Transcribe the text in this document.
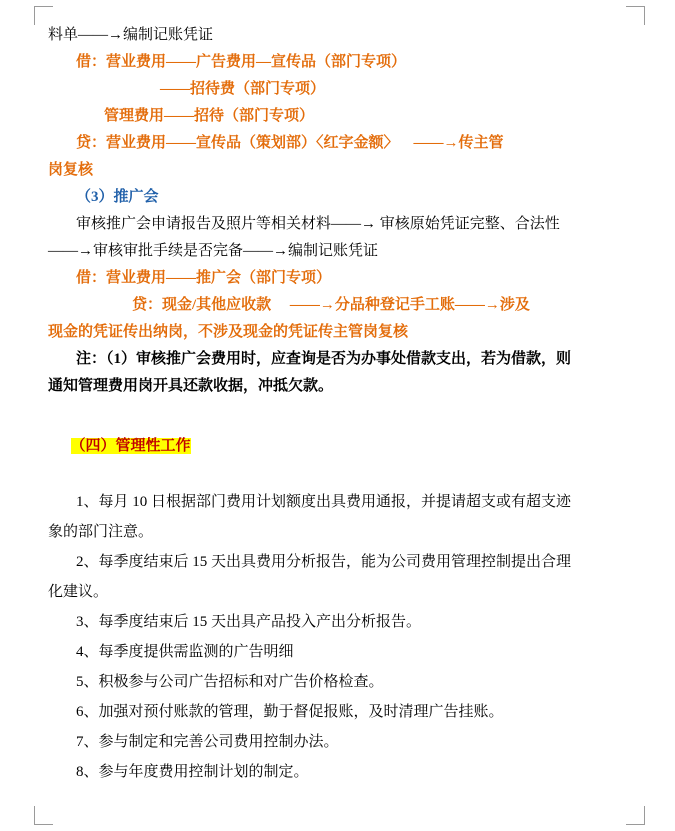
料单——→编制记账凭证
借：营业费用——广告费用—宣传品（部门专项）
——招待费（部门专项）
管理费用——招待（部门专项）
贷：营业费用——宣传品（策划部）〈红字金额〉    ——→传主管
岗复核
（3）推广会
审核推广会申请报告及照片等相关材料——→ 审核原始凭证完整、合法性
——→审核审批手续是否完备——→编制记账凭证
借：营业费用——推广会（部门专项）
贷：现金/其他应收款     ——→分品种登记手工账——→涉及
现金的凭证传出纳岗，不涉及现金的凭证传主管岗复核
注：（1）审核推广会费用时，应查询是否为办事处借款支出，若为借款，则
通知管理费用岗开具还款收据，冲抵欠款。

（四）管理性工作

1、每月 10 日根据部门费用计划额度出具费用通报，并提请超支或有超支迹
象的部门注意。
2、每季度结束后 15 天出具费用分析报告，能为公司费用管理控制提出合理
化建议。
3、每季度结束后 15 天出具产品投入产出分析报告。
4、每季度提供需监测的广告明细
5、积极参与公司广告招标和对广告价格检查。
6、加强对预付账款的管理，勤于督促报账，及时清理广告挂账。
7、参与制定和完善公司费用控制办法。
8、参与年度费用控制计划的制定。
